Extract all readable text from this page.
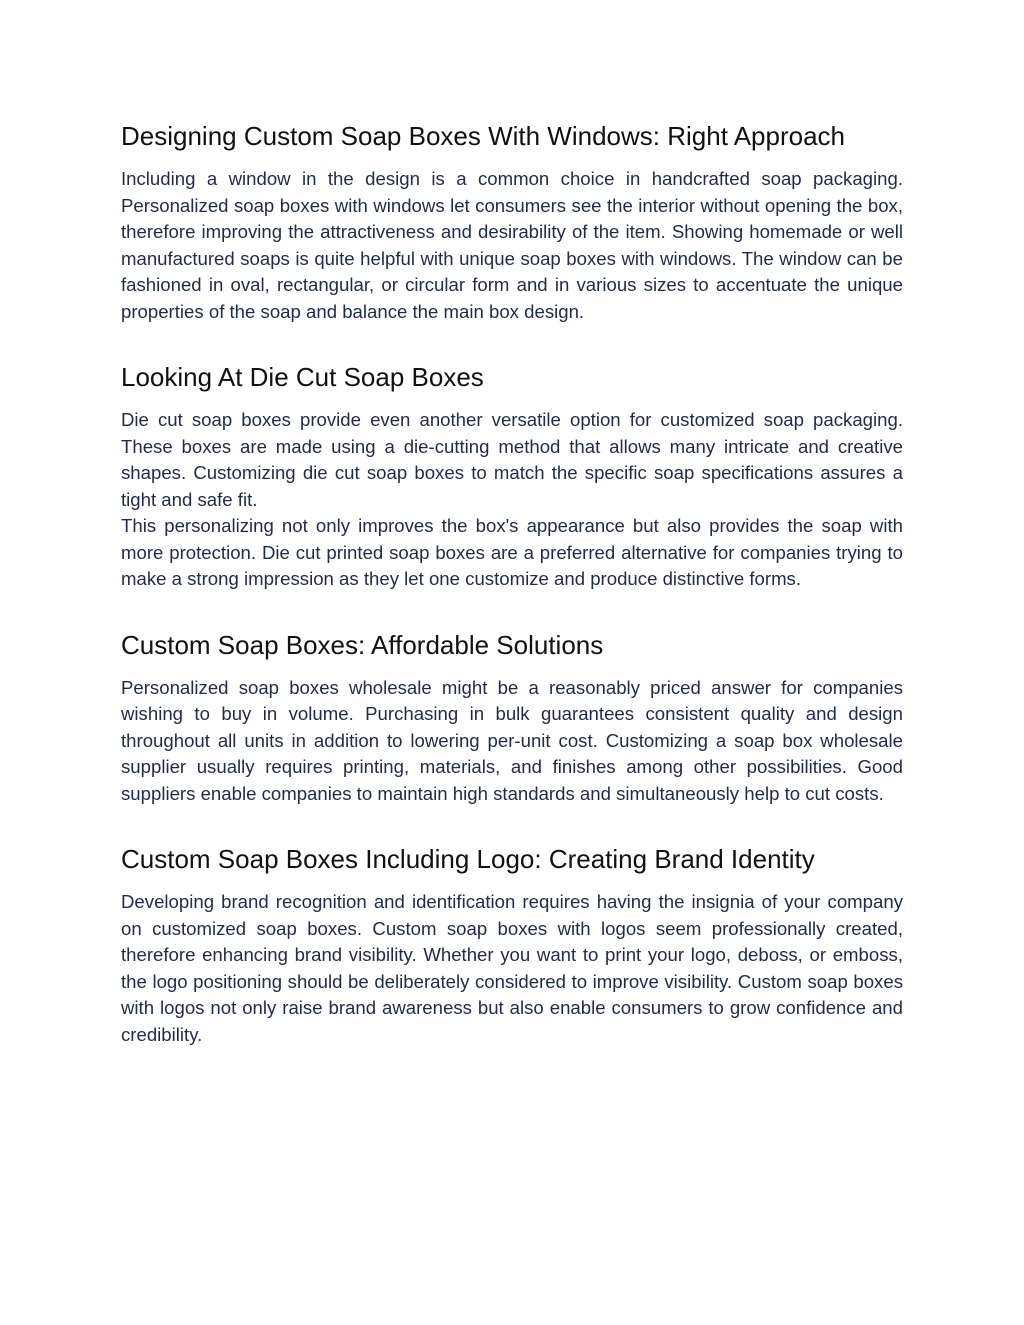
Designing Custom Soap Boxes With Windows: Right Approach

Including a window in the design is a common choice in handcrafted soap packaging. Personalized soap boxes with windows let consumers see the interior without opening the box, therefore improving the attractiveness and desirability of the item. Showing homemade or well manufactured soaps is quite helpful with unique soap boxes with windows. The window can be fashioned in oval, rectangular, or circular form and in various sizes to accentuate the unique properties of the soap and balance the main box design.

Looking At Die Cut Soap Boxes

Die cut soap boxes provide even another versatile option for customized soap packaging. These boxes are made using a die-cutting method that allows many intricate and creative shapes. Customizing die cut soap boxes to match the specific soap specifications assures a tight and safe fit.

This personalizing not only improves the box's appearance but also provides the soap with more protection. Die cut printed soap boxes are a preferred alternative for companies trying to make a strong impression as they let one customize and produce distinctive forms.

Custom Soap Boxes: Affordable Solutions

Personalized soap boxes wholesale might be a reasonably priced answer for companies wishing to buy in volume. Purchasing in bulk guarantees consistent quality and design throughout all units in addition to lowering per-unit cost. Customizing a soap box wholesale supplier usually requires printing, materials, and finishes among other possibilities. Good suppliers enable companies to maintain high standards and simultaneously help to cut costs.

Custom Soap Boxes Including Logo: Creating Brand Identity

Developing brand recognition and identification requires having the insignia of your company on customized soap boxes. Custom soap boxes with logos seem professionally created, therefore enhancing brand visibility. Whether you want to print your logo, deboss, or emboss, the logo positioning should be deliberately considered to improve visibility. Custom soap boxes with logos not only raise brand awareness but also enable consumers to grow confidence and credibility.
